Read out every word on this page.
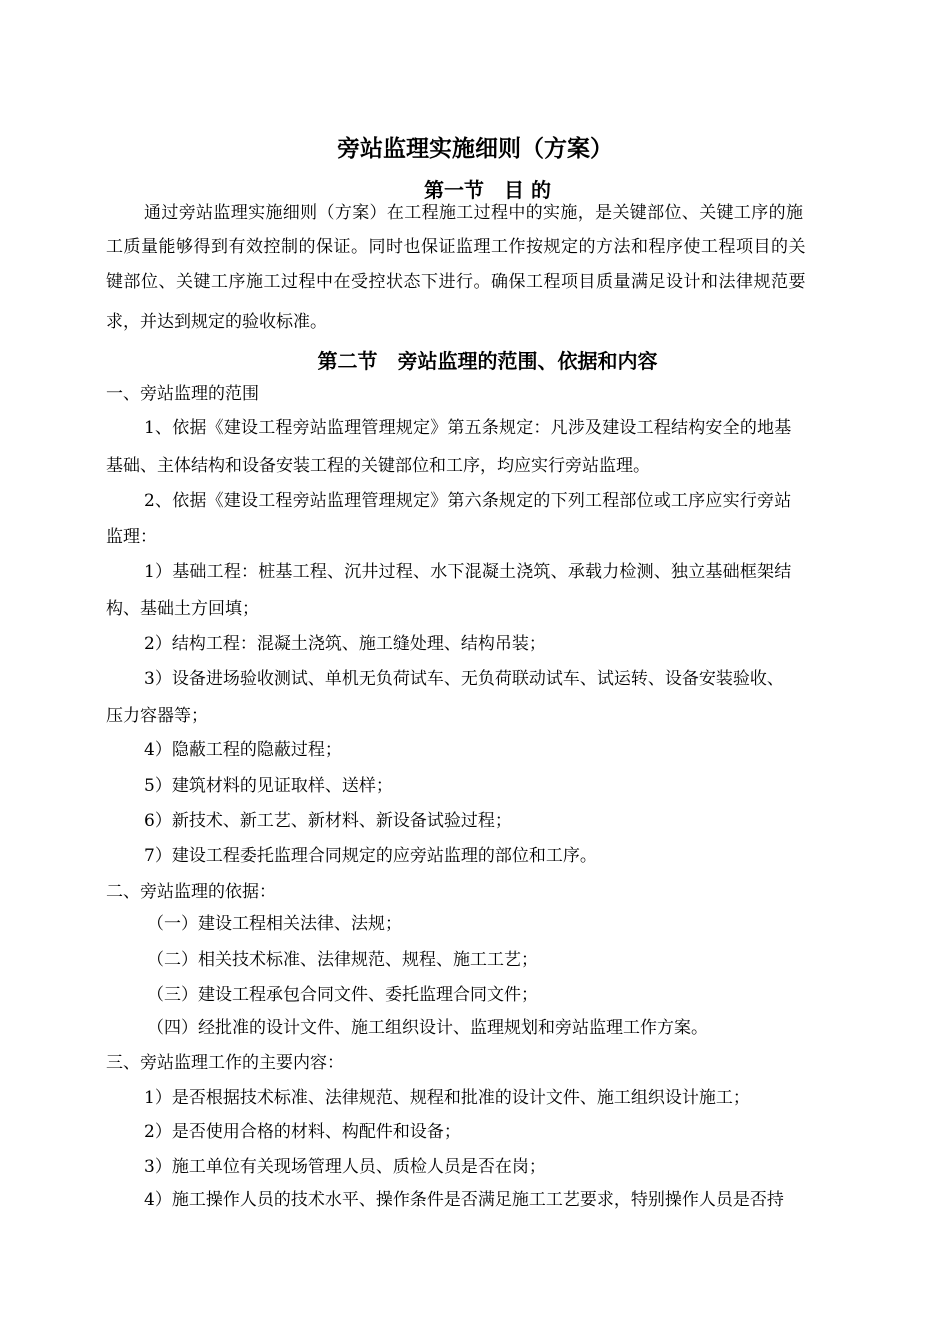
旁站监理实施细则（方案）
第一节　目 的
通过旁站监理实施细则（方案）在工程施工过程中的实施，是关键部位、关键工序的施
工质量能够得到有效控制的保证。同时也保证监理工作按规定的方法和程序使工程项目的关
键部位、关键工序施工过程中在受控状态下进行。确保工程项目质量满足设计和法律规范要
求，并达到规定的验收标准。
第二节　旁站监理的范围、依据和内容
一、旁站监理的范围
1、依据《建设工程旁站监理管理规定》第五条规定：凡涉及建设工程结构安全的地基
基础、主体结构和设备安装工程的关键部位和工序，均应实行旁站监理。
2、依据《建设工程旁站监理管理规定》第六条规定的下列工程部位或工序应实行旁站
监理：
1）基础工程：桩基工程、沉井过程、水下混凝土浇筑、承载力检测、独立基础框架结
构、基础土方回填；
2）结构工程：混凝土浇筑、施工缝处理、结构吊装；
3）设备进场验收测试、单机无负荷试车、无负荷联动试车、试运转、设备安装验收、
压力容器等；
4）隐蔽工程的隐蔽过程；
5）建筑材料的见证取样、送样；
6）新技术、新工艺、新材料、新设备试验过程；
7）建设工程委托监理合同规定的应旁站监理的部位和工序。
二、旁站监理的依据：
（一）建设工程相关法律、法规；
（二）相关技术标准、法律规范、规程、施工工艺；
（三）建设工程承包合同文件、委托监理合同文件；
（四）经批准的设计文件、施工组织设计、监理规划和旁站监理工作方案。
三、旁站监理工作的主要内容：
1）是否根据技术标准、法律规范、规程和批准的设计文件、施工组织设计施工；
2）是否使用合格的材料、构配件和设备；
3）施工单位有关现场管理人员、质检人员是否在岗；
4）施工操作人员的技术水平、操作条件是否满足施工工艺要求，特别操作人员是否持
